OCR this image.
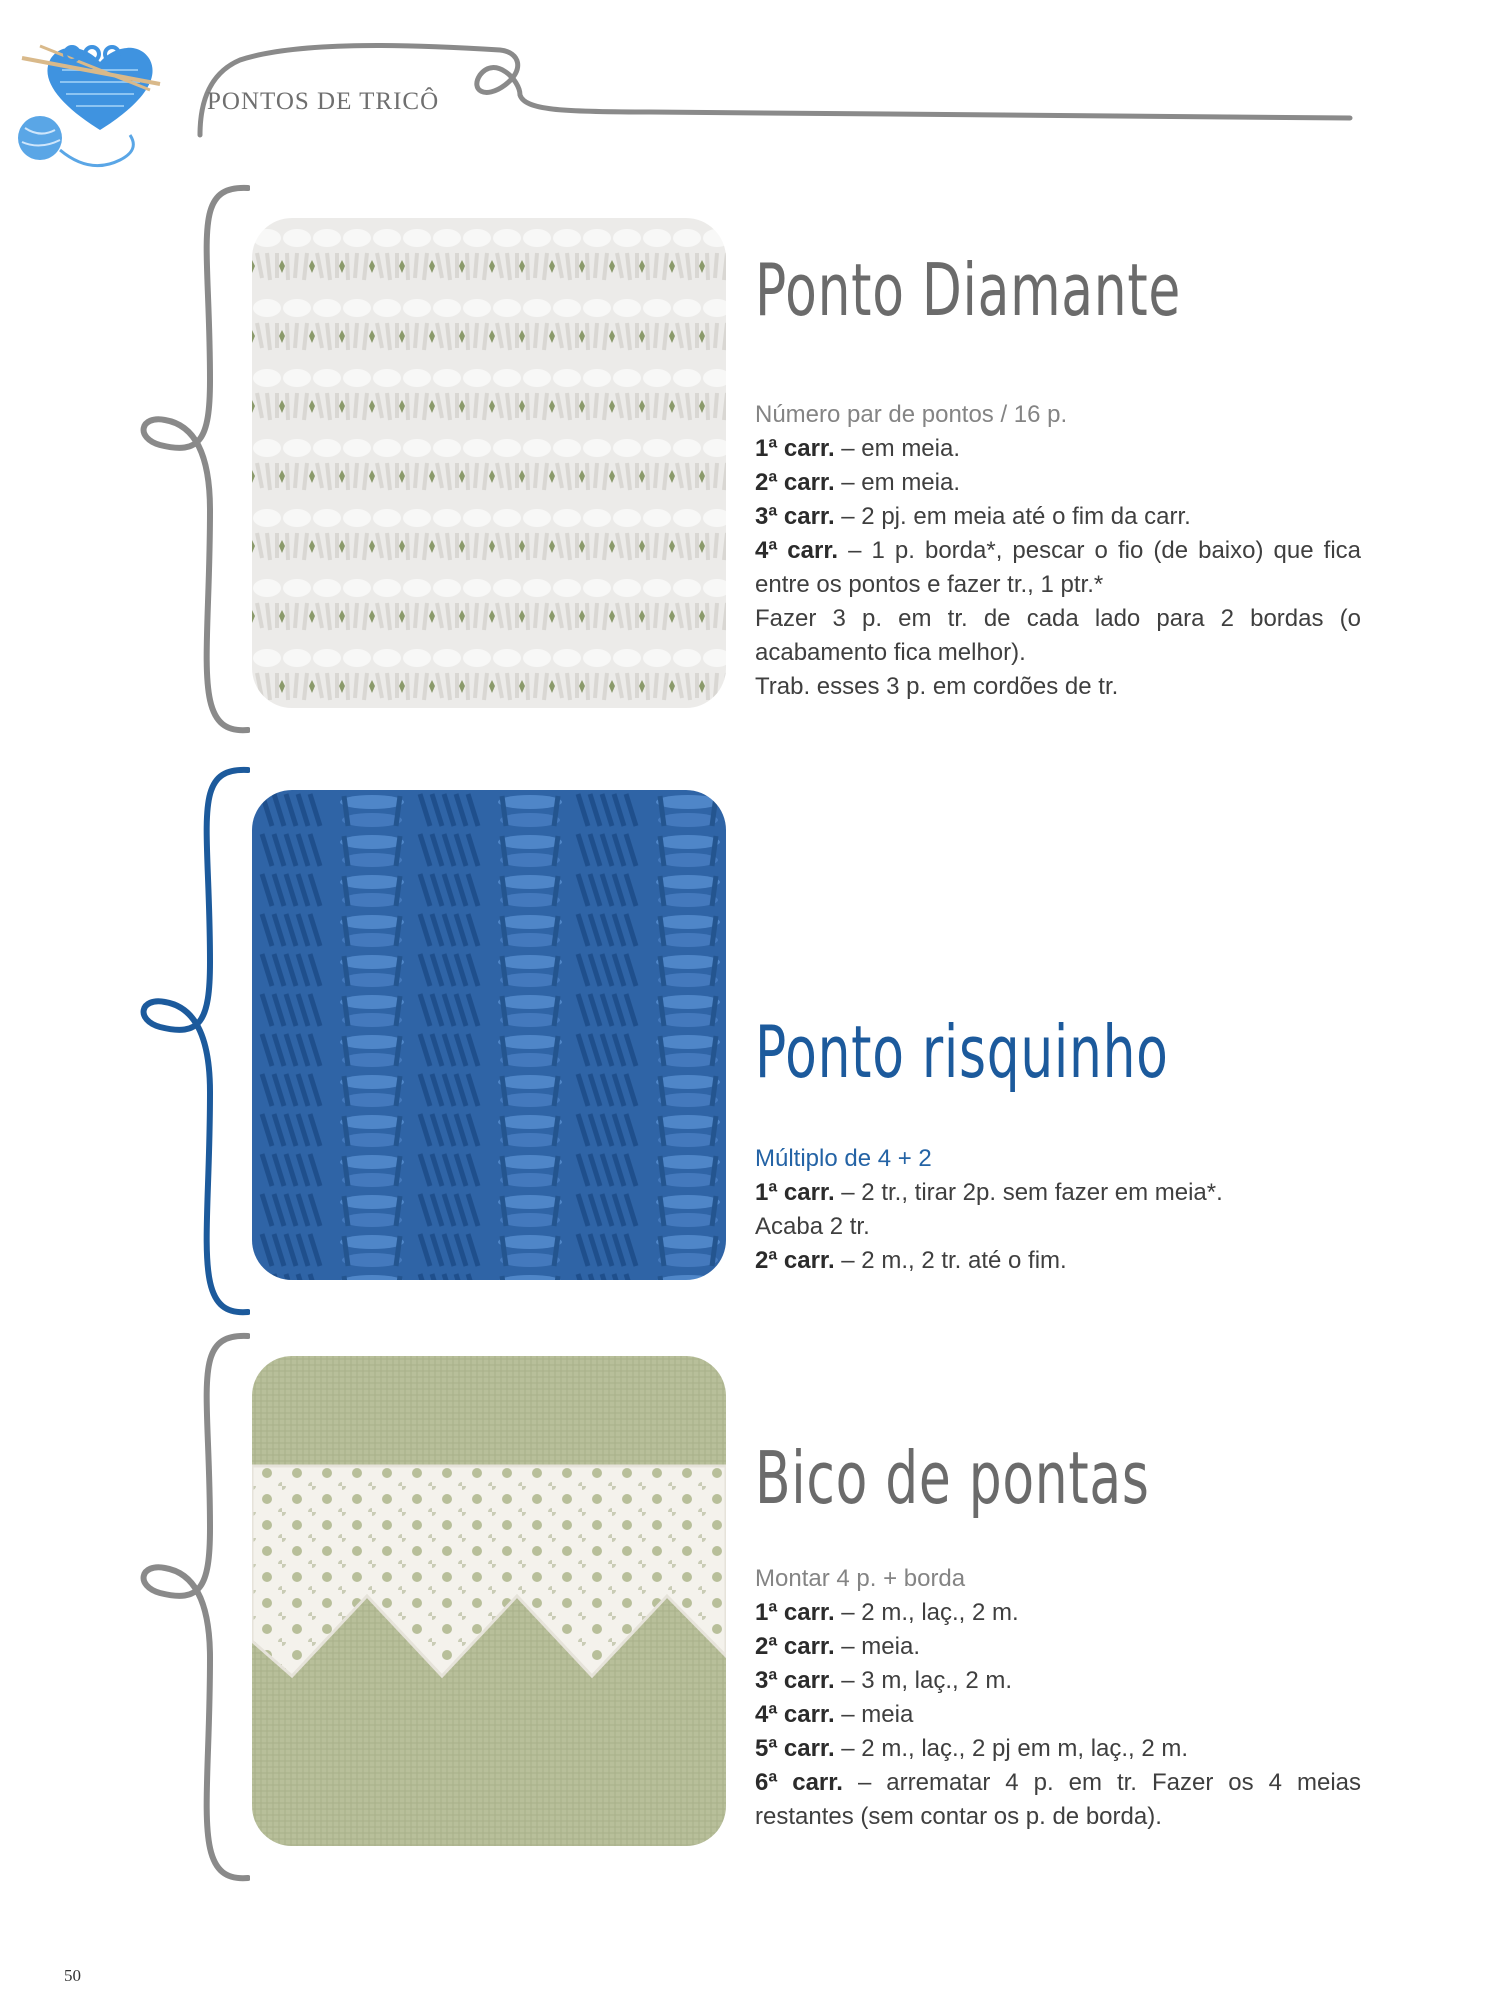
PONTOS DE TRICÔ
Ponto Diamante

Número par de pontos / 16 p.

1ª carr. – em meia.

2ª carr. – em meia.

3ª carr. – 2 pj. em meia até o fim da carr.

4ª carr. – 1 p. borda*, pescar o fio (de baixo) que fica entre os pontos e fazer tr., 1 ptr.*

Fazer 3 p. em tr. de cada lado para 2 bordas (o acabamento fica melhor).

Trab. esses 3 p. em cordões de tr.

Ponto risquinho

Múltiplo de 4 + 2

1ª carr. – 2 tr., tirar 2p. sem fazer em meia*.

Acaba 2 tr.

2ª carr. – 2 m., 2 tr. até o fim.

Bico de pontas

Montar 4 p. + borda

1ª carr. – 2 m., laç., 2 m.

2ª carr. – meia.

3ª carr. – 3 m, laç., 2 m.

4ª carr. – meia

5ª carr. – 2 m., laç., 2 pj em m, laç., 2 m.

6ª carr. – arrematar 4 p. em tr. Fazer os 4 meias restantes (sem contar os p. de borda).

50
